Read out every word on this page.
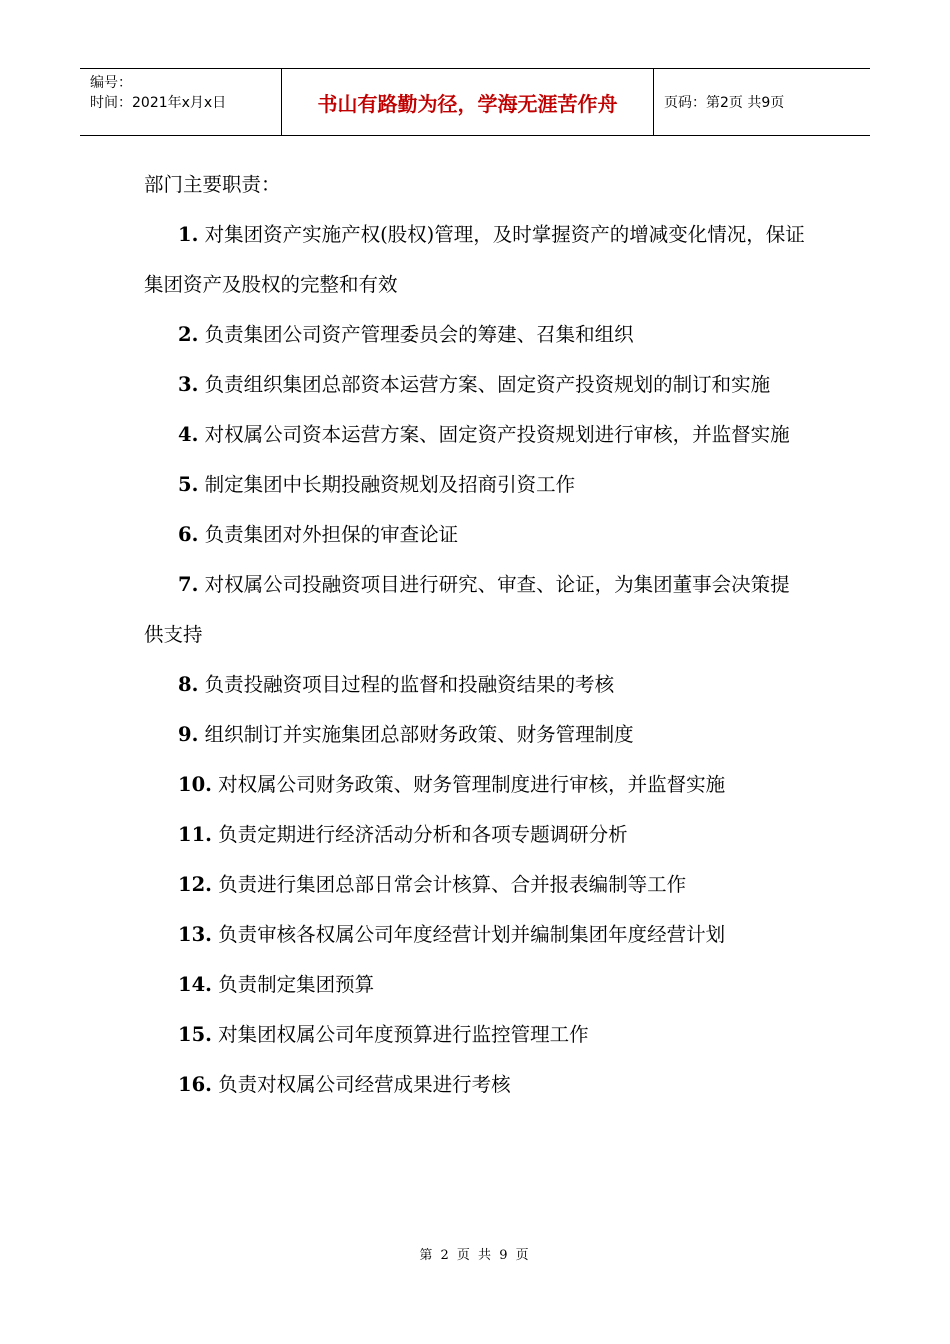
编号：
时间：2021年x月x日	书山有路勤为径，学海无涯苦作舟	页码：第2页 共9页

部门主要职责：

1. 对集团资产实施产权(股权)管理，及时掌握资产的增减变化情况，保证集团资产及股权的完整和有效

2. 负责集团公司资产管理委员会的筹建、召集和组织

3. 负责组织集团总部资本运营方案、固定资产投资规划的制订和实施

4. 对权属公司资本运营方案、固定资产投资规划进行审核，并监督实施

5. 制定集团中长期投融资规划及招商引资工作

6. 负责集团对外担保的审查论证

7. 对权属公司投融资项目进行研究、审查、论证，为集团董事会决策提供支持

8. 负责投融资项目过程的监督和投融资结果的考核

9. 组织制订并实施集团总部财务政策、财务管理制度

10. 对权属公司财务政策、财务管理制度进行审核，并监督实施

11. 负责定期进行经济活动分析和各项专题调研分析

12. 负责进行集团总部日常会计核算、合并报表编制等工作

13. 负责审核各权属公司年度经营计划并编制集团年度经营计划

14. 负责制定集团预算

15. 对集团权属公司年度预算进行监控管理工作

16. 负责对权属公司经营成果进行考核

第 2 页 共 9 页
